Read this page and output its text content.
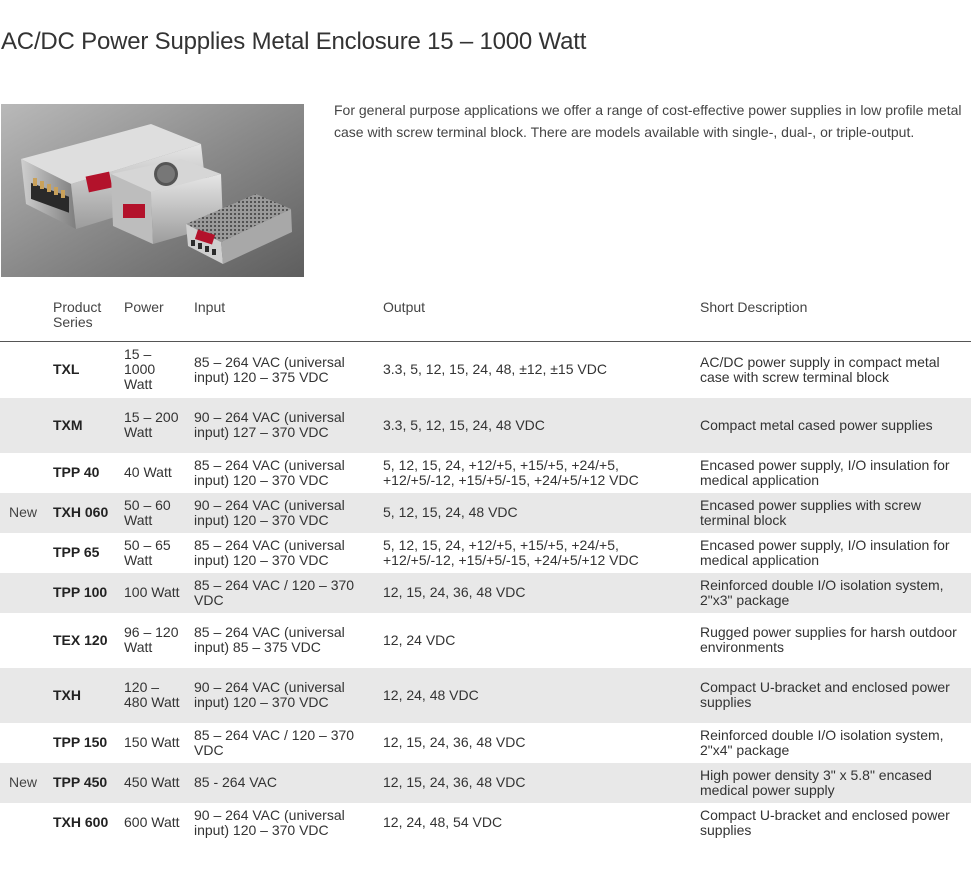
AC/DC Power Supplies Metal Enclosure 15 – 1000 Watt

For general purpose applications we offer a range of cost-effective power supplies in low profile metal case with screw terminal block. There are models available with single-, dual-, or triple-output.

	Product Series	Power	Input	Output	Short Description
	TXL	15 – 1000 Watt	85 – 264 VAC (universal input) 120 – 375 VDC	3.3, 5, 12, 15, 24, 48, ±12, ±15 VDC	AC/DC power supply in compact metal case with screw terminal block
	TXM	15 – 200 Watt	90 – 264 VAC (universal input) 127 – 370 VDC	3.3, 5, 12, 15, 24, 48 VDC	Compact metal cased power supplies
	TPP 40	40 Watt	85 – 264 VAC (universal input) 120 – 370 VDC	5, 12, 15, 24, +12/+5, +15/+5, +24/+5, +12/+5/-12, +15/+5/-15, +24/+5/+12 VDC	Encased power supply, I/O insulation for medical application
New	TXH 060	50 – 60 Watt	90 – 264 VAC (universal input) 120 – 370 VDC	5, 12, 15, 24, 48 VDC	Encased power supplies with screw terminal block
	TPP 65	50 – 65 Watt	85 – 264 VAC (universal input) 120 – 370 VDC	5, 12, 15, 24, +12/+5, +15/+5, +24/+5, +12/+5/-12, +15/+5/-15, +24/+5/+12 VDC	Encased power supply, I/O insulation for medical application
	TPP 100	100 Watt	85 – 264 VAC / 120 – 370 VDC	12, 15, 24, 36, 48 VDC	Reinforced double I/O isolation system, 2"x3" package
	TEX 120	96 – 120 Watt	85 – 264 VAC (universal input) 85 – 375 VDC	12, 24 VDC	Rugged power supplies for harsh outdoor environments
	TXH	120 – 480 Watt	90 – 264 VAC (universal input) 120 – 370 VDC	12, 24, 48 VDC	Compact U-bracket and enclosed power supplies
	TPP 150	150 Watt	85 – 264 VAC / 120 – 370 VDC	12, 15, 24, 36, 48 VDC	Reinforced double I/O isolation system, 2"x4" package
New	TPP 450	450 Watt	85 - 264 VAC	12, 15, 24, 36, 48 VDC	High power density 3" x 5.8" encased medical power supply
	TXH 600	600 Watt	90 – 264 VAC (universal input) 120 – 370 VDC	12, 24, 48, 54 VDC	Compact U-bracket and enclosed power supplies
